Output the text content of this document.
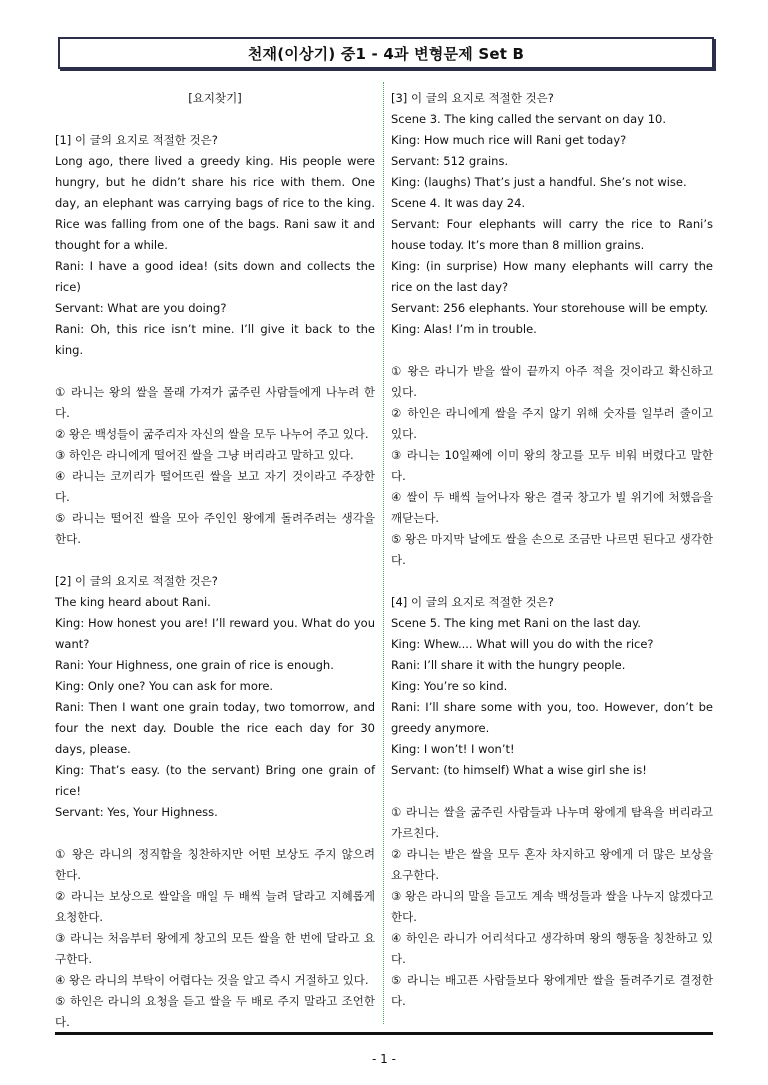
천재(이상기) 중1 - 4과 변형문제 Set B
[요지찾기]

[1] 이 글의 요지로 적절한 것은?

Long ago, there lived a greedy king. His people were hungry, but he didn’t share his rice with them. One day, an elephant was carrying bags of rice to the king. Rice was falling from one of the bags. Rani saw it and thought for a while.

Rani: I have a good idea! (sits down and collects the rice)

Servant: What are you doing?

Rani: Oh, this rice isn’t mine. I’ll give it back to the king.

① 라니는 왕의 쌀을 몰래 가져가 굶주린 사람들에게 나누려 한다.

② 왕은 백성들이 굶주리자 자신의 쌀을 모두 나누어 주고 있다.

③ 하인은 라니에게 떨어진 쌀을 그냥 버리라고 말하고 있다.

④ 라니는 코끼리가 떨어뜨린 쌀을 보고 자기 것이라고 주장한다.

⑤ 라니는 떨어진 쌀을 모아 주인인 왕에게 돌려주려는 생각을 한다.

[2] 이 글의 요지로 적절한 것은?

The king heard about Rani.

King: How honest you are! I’ll reward you. What do you want?

Rani: Your Highness, one grain of rice is enough.

King: Only one? You can ask for more.

Rani: Then I want one grain today, two tomorrow, and four the next day. Double the rice each day for 30 days, please.

King: That’s easy. (to the servant) Bring one grain of rice!

Servant: Yes, Your Highness.

① 왕은 라니의 정직함을 칭찬하지만 어떤 보상도 주지 않으려 한다.

② 라니는 보상으로 쌀알을 매일 두 배씩 늘려 달라고 지혜롭게 요청한다.

③ 라니는 처음부터 왕에게 창고의 모든 쌀을 한 번에 달라고 요구한다.

④ 왕은 라니의 부탁이 어렵다는 것을 알고 즉시 거절하고 있다.

⑤ 하인은 라니의 요청을 듣고 쌀을 두 배로 주지 말라고 조언한다.

[3] 이 글의 요지로 적절한 것은?

Scene 3. The king called the servant on day 10.

King: How much rice will Rani get today?

Servant: 512 grains.

King: (laughs) That’s just a handful. She’s not wise.

Scene 4. It was day 24.

Servant: Four elephants will carry the rice to Rani’s house today. It’s more than 8 million grains.

King: (in surprise) How many elephants will carry the rice on the last day?

Servant: 256 elephants. Your storehouse will be empty.

King: Alas! I’m in trouble.

① 왕은 라니가 받을 쌀이 끝까지 아주 적을 것이라고 확신하고 있다.

② 하인은 라니에게 쌀을 주지 않기 위해 숫자를 일부러 줄이고 있다.

③ 라니는 10일째에 이미 왕의 창고를 모두 비워 버렸다고 말한다.

④ 쌀이 두 배씩 늘어나자 왕은 결국 창고가 빌 위기에 처했음을 깨닫는다.

⑤ 왕은 마지막 날에도 쌀을 손으로 조금만 나르면 된다고 생각한다.

[4] 이 글의 요지로 적절한 것은?

Scene 5. The king met Rani on the last day.

King: Whew.... What will you do with the rice?

Rani: I’ll share it with the hungry people.

King: You’re so kind.

Rani: I’ll share some with you, too. However, don’t be greedy anymore.

King: I won’t! I won’t!

Servant: (to himself) What a wise girl she is!

① 라니는 쌀을 굶주린 사람들과 나누며 왕에게 탐욕을 버리라고 가르친다.

② 라니는 받은 쌀을 모두 혼자 차지하고 왕에게 더 많은 보상을 요구한다.

③ 왕은 라니의 말을 듣고도 계속 백성들과 쌀을 나누지 않겠다고 한다.

④ 하인은 라니가 어리석다고 생각하며 왕의 행동을 칭찬하고 있다.

⑤ 라니는 배고픈 사람들보다 왕에게만 쌀을 돌려주기로 결정한다.

- 1 -
